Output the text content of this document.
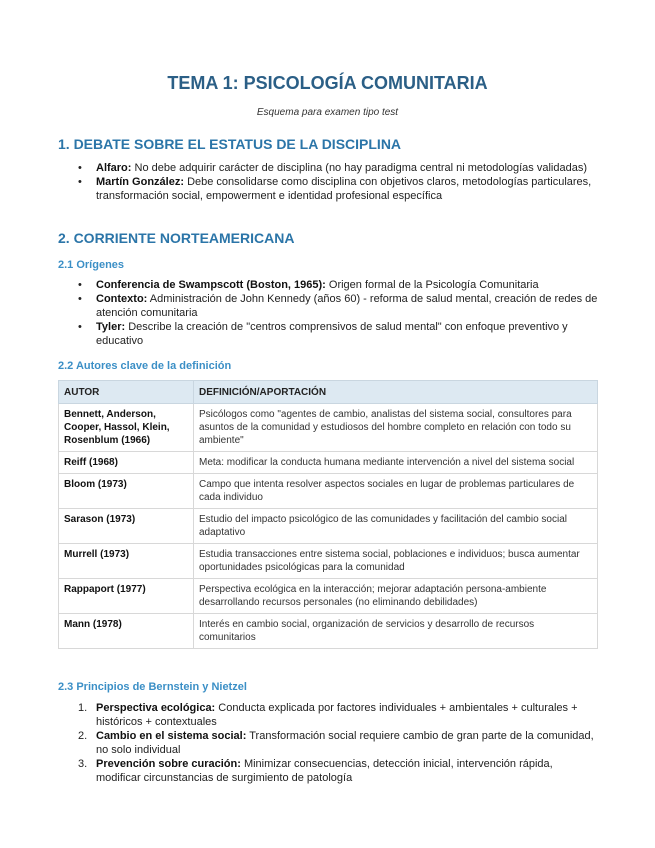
TEMA 1: PSICOLOGÍA COMUNITARIA
Esquema para examen tipo test
1. DEBATE SOBRE EL ESTATUS DE LA DISCIPLINA
• Alfaro: No debe adquirir carácter de disciplina (no hay paradigma central ni metodologías validadas)
• Martín González: Debe consolidarse como disciplina con objetivos claros, metodologías particulares, transformación social, empowerment e identidad profesional específica
2. CORRIENTE NORTEAMERICANA
2.1 Orígenes
• Conferencia de Swampscott (Boston, 1965): Origen formal de la Psicología Comunitaria
• Contexto: Administración de John Kennedy (años 60) - reforma de salud mental, creación de redes de atención comunitaria
• Tyler: Describe la creación de "centros comprensivos de salud mental" con enfoque preventivo y educativo
2.2 Autores clave de la definición
AUTOR	DEFINICIÓN/APORTACIÓN
Bennett, Anderson, Cooper, Hassol, Klein, Rosenblum (1966)	Psicólogos como "agentes de cambio, analistas del sistema social, consultores para asuntos de la comunidad y estudiosos del hombre completo en relación con todo su ambiente"
Reiff (1968)	Meta: modificar la conducta humana mediante intervención a nivel del sistema social
Bloom (1973)	Campo que intenta resolver aspectos sociales en lugar de problemas particulares de cada individuo
Sarason (1973)	Estudio del impacto psicológico de las comunidades y facilitación del cambio social adaptativo
Murrell (1973)	Estudia transacciones entre sistema social, poblaciones e individuos; busca aumentar oportunidades psicológicas para la comunidad
Rappaport (1977)	Perspectiva ecológica en la interacción; mejorar adaptación persona-ambiente desarrollando recursos personales (no eliminando debilidades)
Mann (1978)	Interés en cambio social, organización de servicios y desarrollo de recursos comunitarios
2.3 Principios de Bernstein y Nietzel
1. Perspectiva ecológica: Conducta explicada por factores individuales + ambientales + culturales + históricos + contextuales
2. Cambio en el sistema social: Transformación social requiere cambio de gran parte de la comunidad, no solo individual
3. Prevención sobre curación: Minimizar consecuencias, detección inicial, intervención rápida, modificar circunstancias de surgimiento de patología
